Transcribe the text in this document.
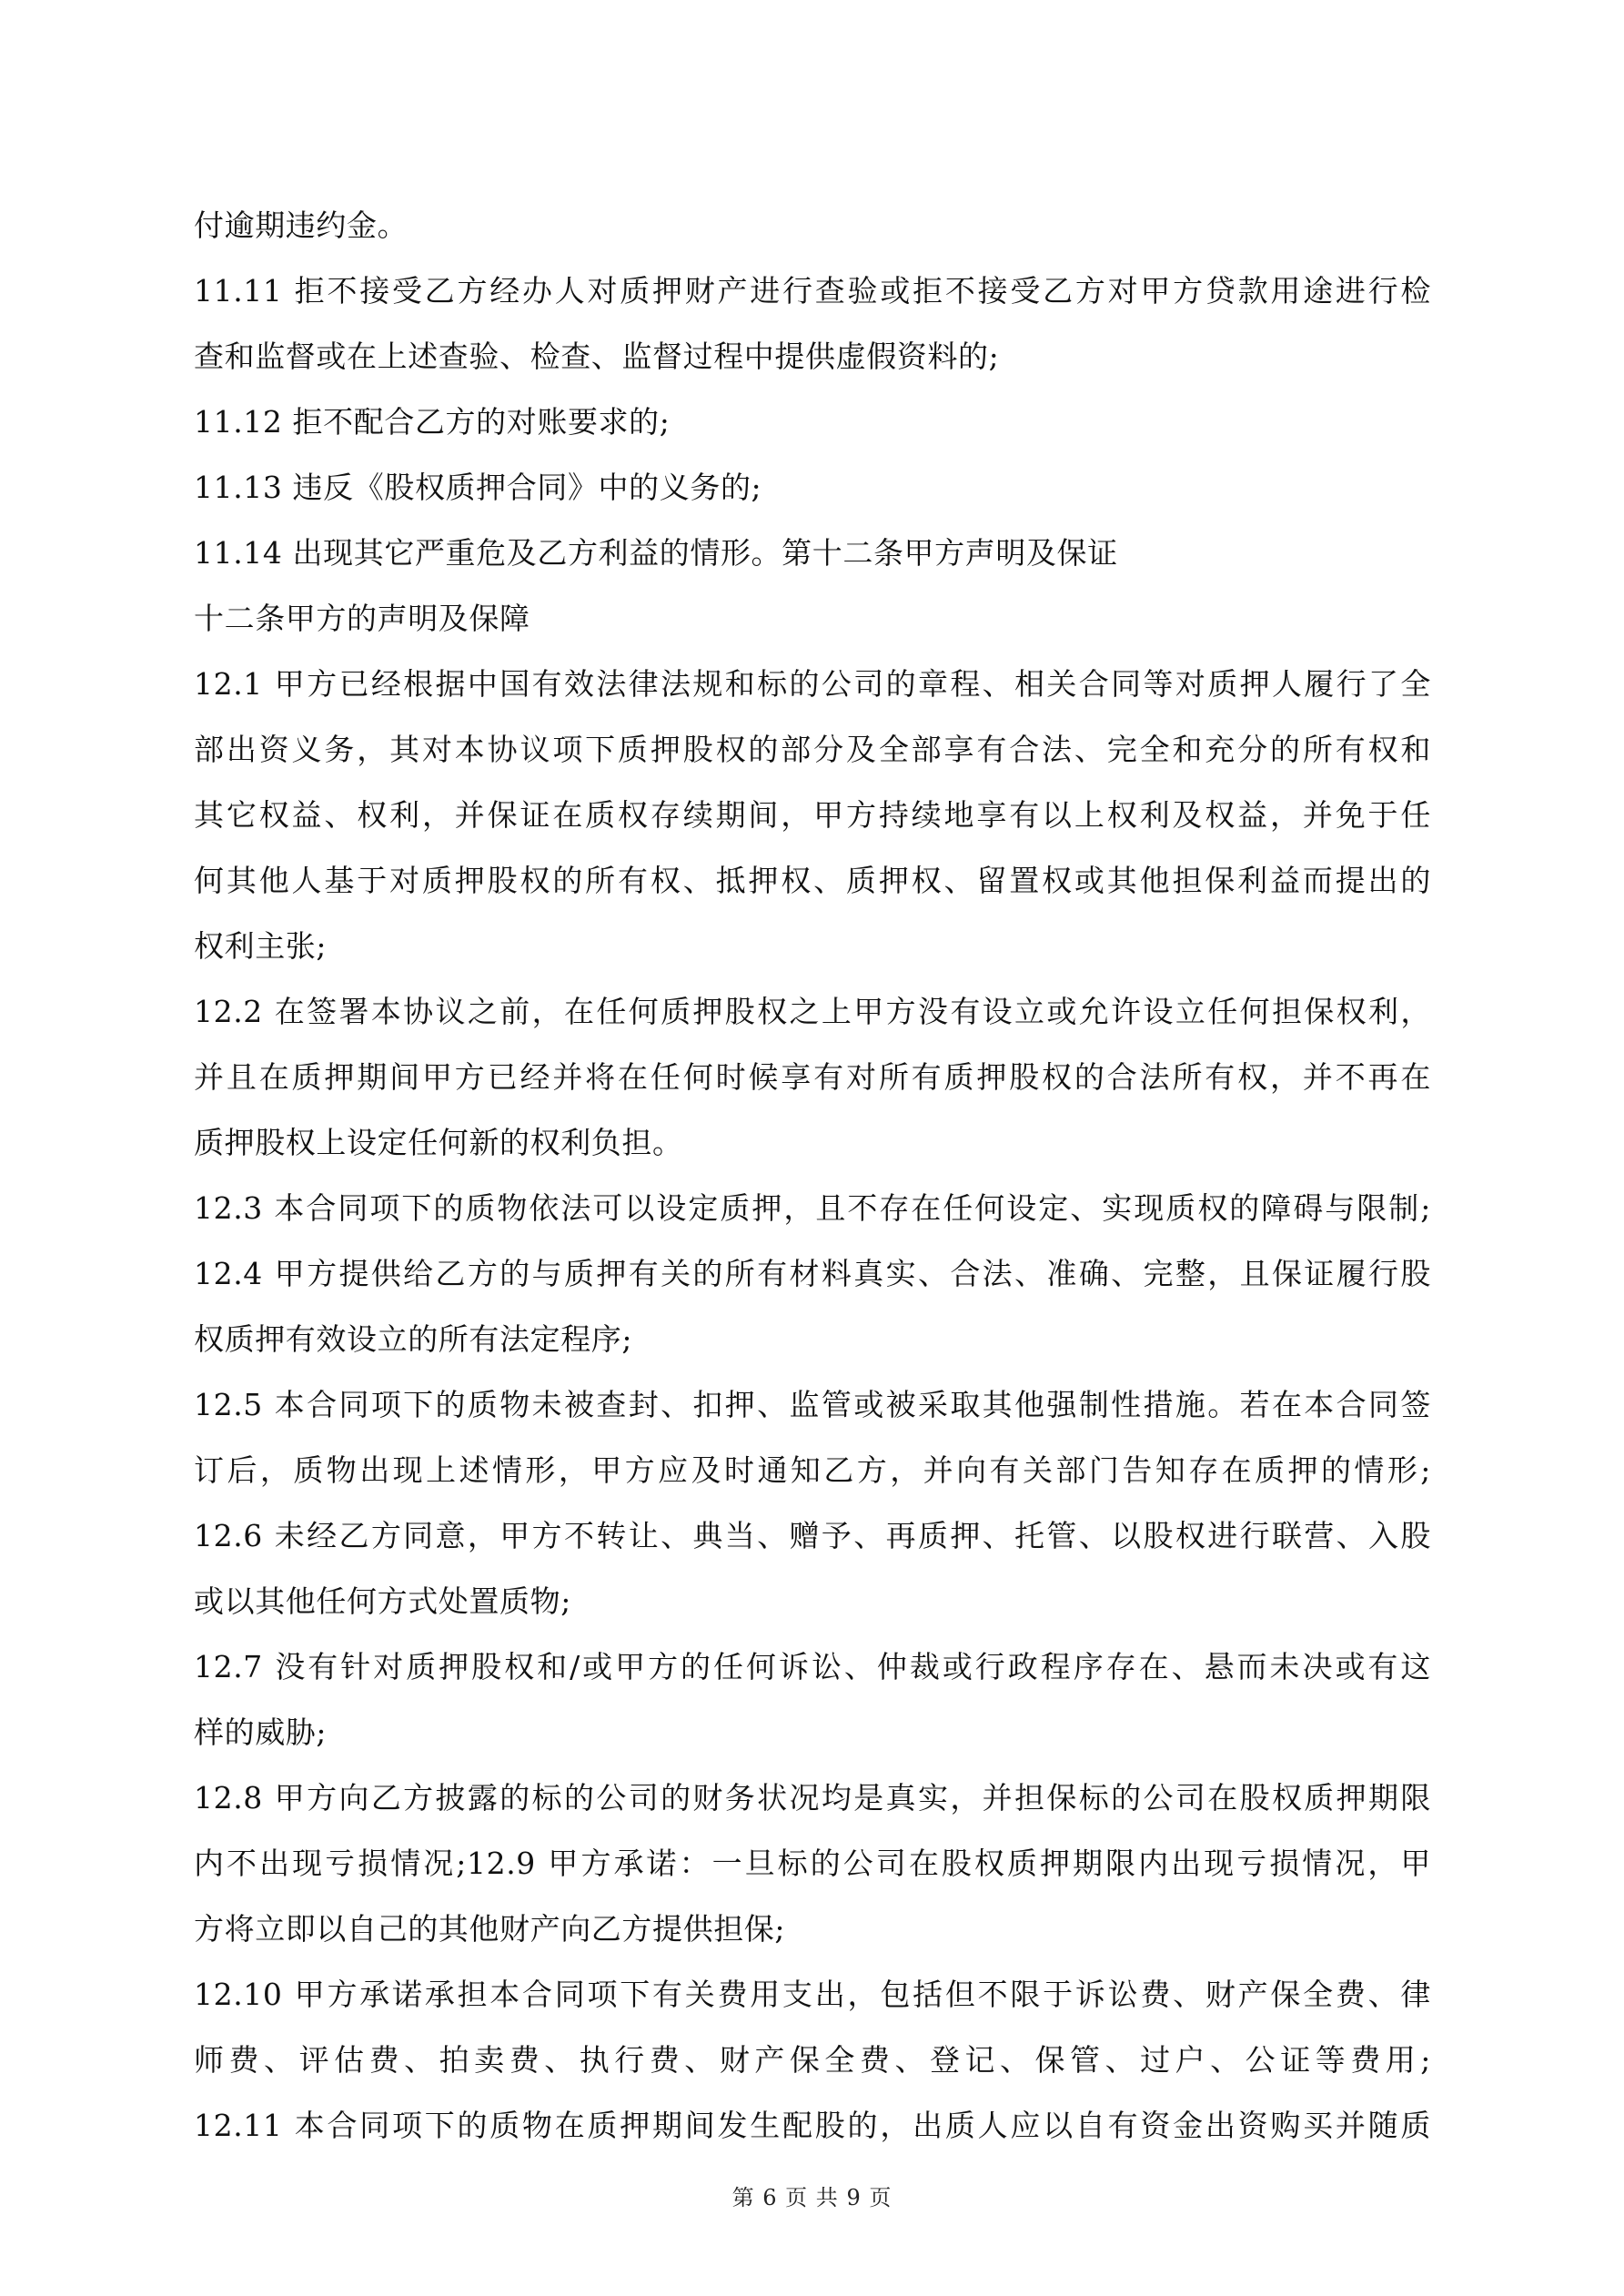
付逾期违约金。
11.11 拒不接受乙方经办人对质押财产进行查验或拒不接受乙方对甲方贷款用途进行检
查和监督或在上述查验、检查、监督过程中提供虚假资料的;
11.12 拒不配合乙方的对账要求的;
11.13 违反《股权质押合同》中的义务的;
11.14 出现其它严重危及乙方利益的情形。第十二条甲方声明及保证
十二条甲方的声明及保障
12.1 甲方已经根据中国有效法律法规和标的公司的章程、相关合同等对质押人履行了全
部出资义务，其对本协议项下质押股权的部分及全部享有合法、完全和充分的所有权和
其它权益、权利，并保证在质权存续期间，甲方持续地享有以上权利及权益，并免于任
何其他人基于对质押股权的所有权、抵押权、质押权、留置权或其他担保利益而提出的
权利主张;
12.2 在签署本协议之前，在任何质押股权之上甲方没有设立或允许设立任何担保权利，
并且在质押期间甲方已经并将在任何时候享有对所有质押股权的合法所有权，并不再在
质押股权上设定任何新的权利负担。
12.3 本合同项下的质物依法可以设定质押，且不存在任何设定、实现质权的障碍与限制;
12.4 甲方提供给乙方的与质押有关的所有材料真实、合法、准确、完整，且保证履行股
权质押有效设立的所有法定程序;
12.5 本合同项下的质物未被查封、扣押、监管或被采取其他强制性措施。若在本合同签
订后，质物出现上述情形，甲方应及时通知乙方，并向有关部门告知存在质押的情形;
12.6 未经乙方同意，甲方不转让、典当、赠予、再质押、托管、以股权进行联营、入股
或以其他任何方式处置质物;
12.7 没有针对质押股权和/或甲方的任何诉讼、仲裁或行政程序存在、悬而未决或有这
样的威胁;
12.8 甲方向乙方披露的标的公司的财务状况均是真实，并担保标的公司在股权质押期限
内不出现亏损情况;12.9 甲方承诺：一旦标的公司在股权质押期限内出现亏损情况，甲
方将立即以自己的其他财产向乙方提供担保;
12.10 甲方承诺承担本合同项下有关费用支出，包括但不限于诉讼费、财产保全费、律
师费、评估费、拍卖费、执行费、财产保全费、登记、保管、过户、公证等费用;
12.11 本合同项下的质物在质押期间发生配股的，出质人应以自有资金出资购买并随质
第 6 页 共 9 页
